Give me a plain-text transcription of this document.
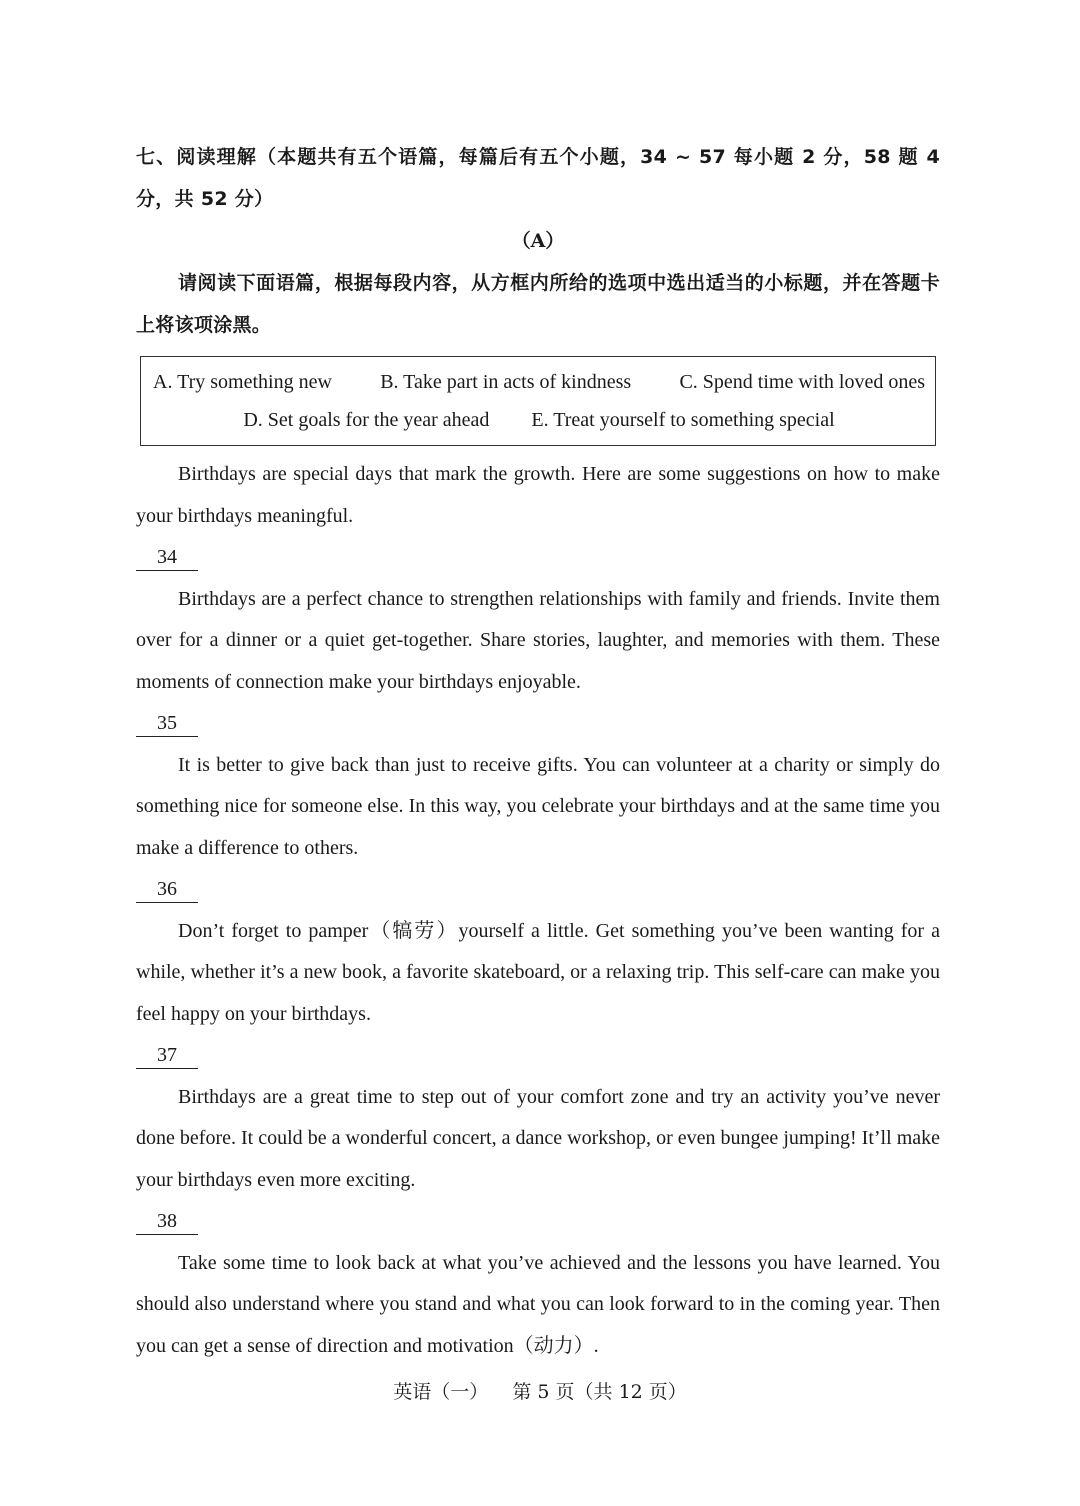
七、阅读理解（本题共有五个语篇，每篇后有五个小题，34 ~ 57 每小题 2 分，58 题 4 分，共 52 分）
（A）
请阅读下面语篇，根据每段内容，从方框内所给的选项中选出适当的小标题，并在答题卡上将该项涂黑。
A. Try something new B. Take part in acts of kindness C. Spend time with loved ones
D. Set goals for the year ahead E. Treat yourself to something special

Birthdays are special days that mark the growth. Here are some suggestions on how to make your birthdays meaningful.

34

Birthdays are a perfect chance to strengthen relationships with family and friends. Invite them over for a dinner or a quiet get-together. Share stories, laughter, and memories with them. These moments of connection make your birthdays enjoyable.

35

It is better to give back than just to receive gifts. You can volunteer at a charity or simply do something nice for someone else. In this way, you celebrate your birthdays and at the same time you make a difference to others.

36

Don’t forget to pamper（犒劳）yourself a little. Get something you’ve been wanting for a while, whether it’s a new book, a favorite skateboard, or a relaxing trip. This self-care can make you feel happy on your birthdays.

37

Birthdays are a great time to step out of your comfort zone and try an activity you’ve never done before. It could be a wonderful concert, a dance workshop, or even bungee jumping! It’ll make your birthdays even more exciting.

38

Take some time to look back at what you’ve achieved and the lessons you have learned. You should also understand where you stand and what you can look forward to in the coming year. Then you can get a sense of direction and motivation（动力）.

英语（一） 第 5 页（共 12 页）
